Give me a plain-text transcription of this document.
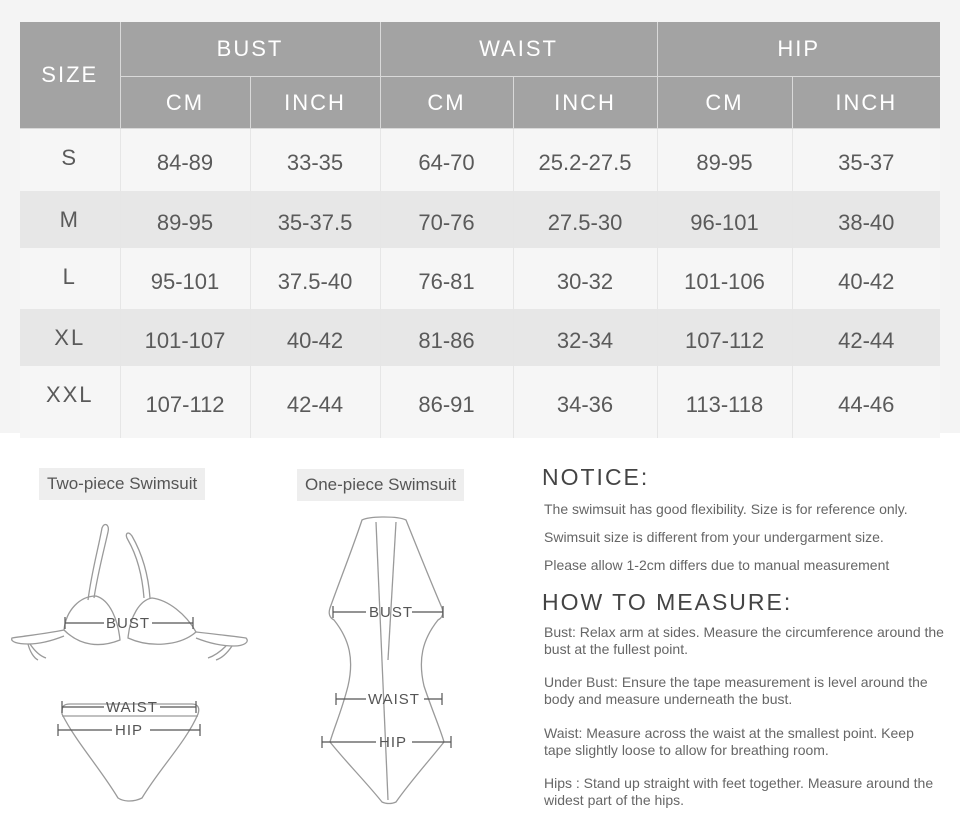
SIZE	BUST		WAIST		HIP	
	CM	INCH	CM	INCH	CM	INCH
S	84-89	33-35	64-70	25.2-27.5	89-95	35-37
M	89-95	35-37.5	70-76	27.5-30	96-101	38-40
L	95-101	37.5-40	76-81	30-32	101-106	40-42
XL	101-107	40-42	81-86	32-34	107-112	42-44
XXL	107-112	42-44	86-91	34-36	113-118	44-46
Two-piece Swimsuit
BUST
WAIST
HIP
One-piece Swimsuit
BUST
WAIST
HIP
NOTICE:
The swimsuit has good flexibility. Size is for reference only.
Swimsuit size is different from your undergarment size.
Please allow 1-2cm differs due to manual measurement
HOW TO MEASURE:
Bust: Relax arm at sides. Measure the circumference around the bust at the fullest point.
Under Bust: Ensure the tape measurement is level around the body and measure underneath the bust.
Waist: Measure across the waist at the smallest point. Keep tape slightly loose to allow for breathing room.
Hips : Stand up straight with feet together. Measure around the widest part of the hips.
